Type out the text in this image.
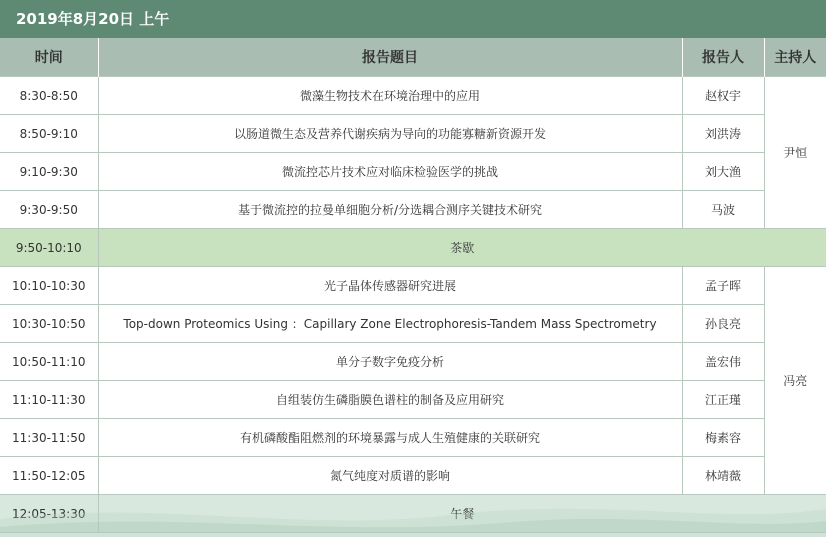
2019年8月20日 上午
时间	报告题目	报告人	主持人
8:30-8:50	微藻生物技术在环境治理中的应用	赵权宇	尹恒
8:50-9:10	以肠道微生态及营养代谢疾病为导向的功能寡糖新资源开发	刘洪涛	
9:10-9:30	微流控芯片技术应对临床检验医学的挑战	刘大渔	
9:30-9:50	基于微流控的拉曼单细胞分析/分选耦合测序关键技术研究	马波	
9:50-10:10	茶歇		
10:10-10:30	光子晶体传感器研究进展	孟子晖	冯亮
10:30-10:50	Top-down Proteomics Using ：Capillary Zone Electrophoresis-Tandem Mass Spectrometry	孙良亮	
10:50-11:10	单分子数字免疫分析	盖宏伟	
11:10-11:30	自组装仿生磷脂膜色谱柱的制备及应用研究	江正瑾	
11:30-11:50	有机磷酸酯阻燃剂的环境暴露与成人生殖健康的关联研究	梅素容	
11:50-12:05	氮气纯度对质谱的影响	林靖薇	
12:05-13:30	午餐		
